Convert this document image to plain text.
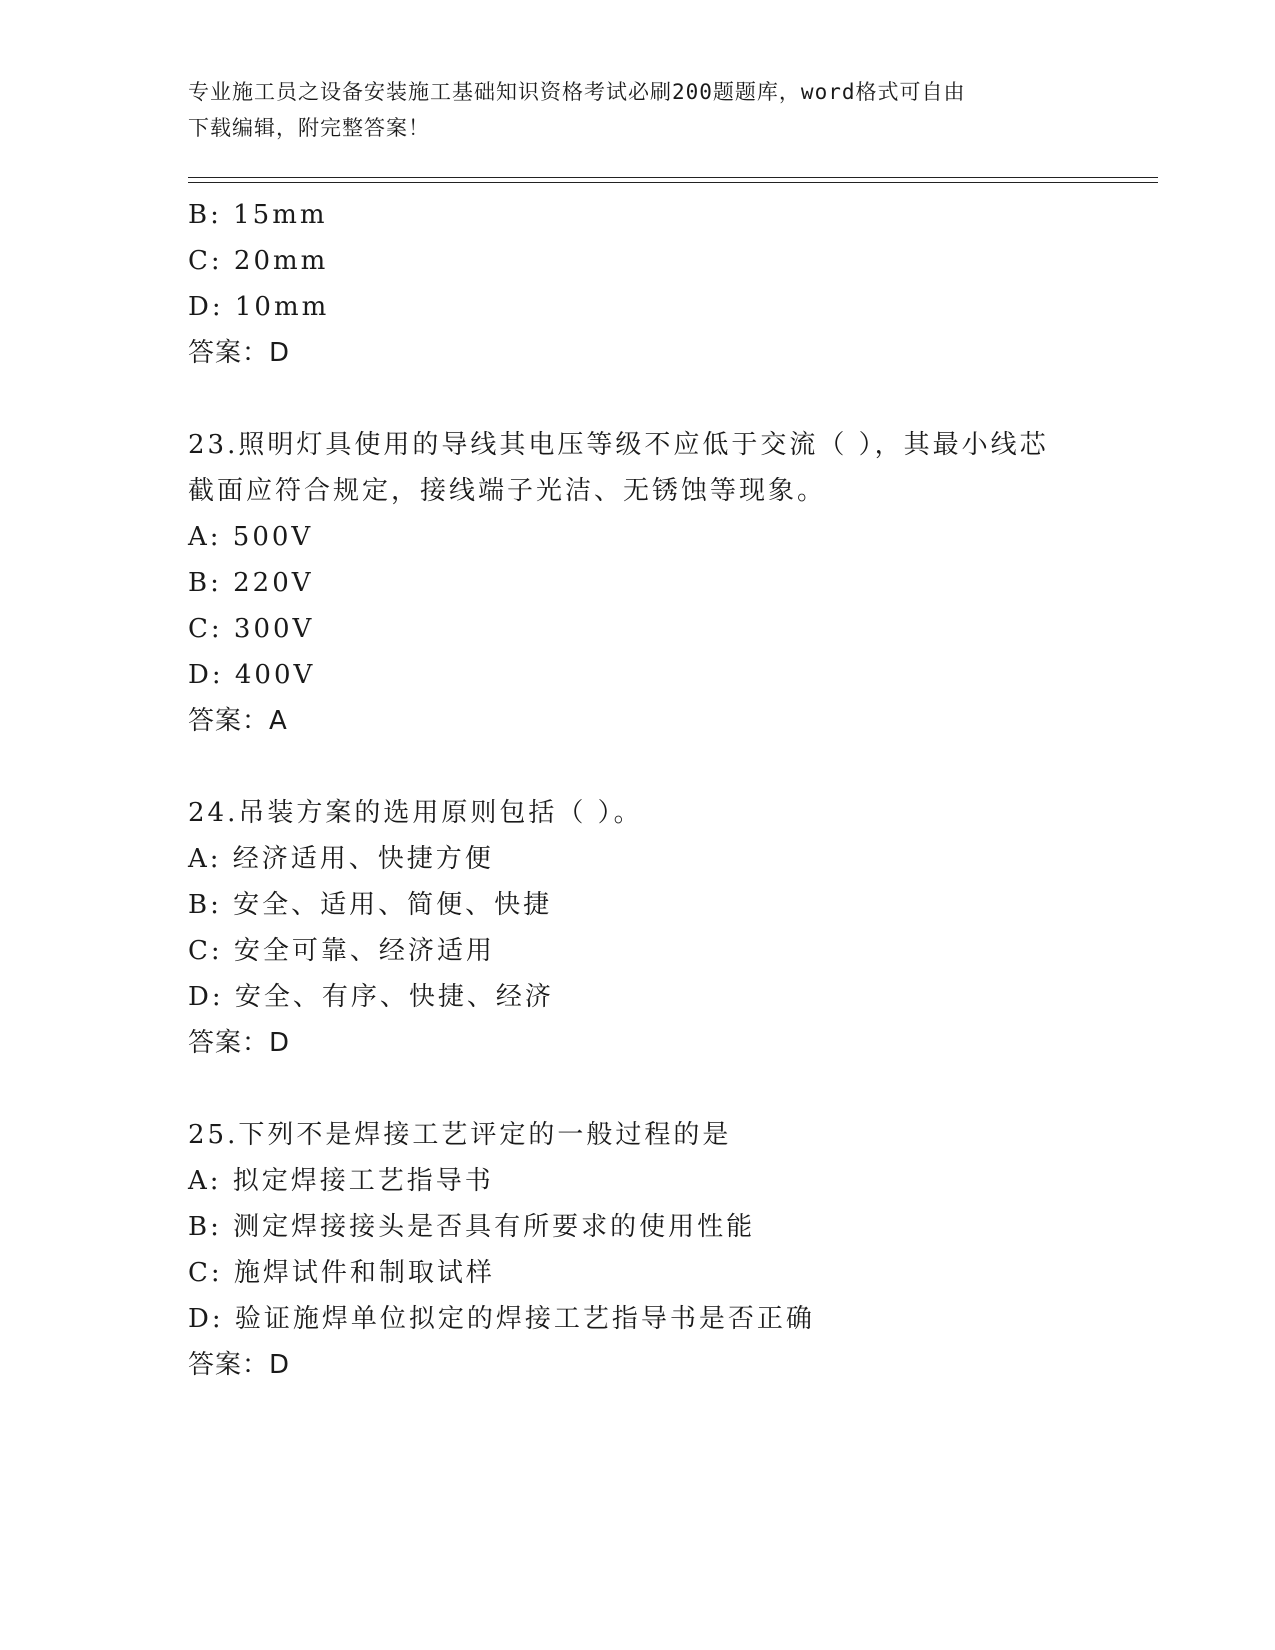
专业施工员之设备安装施工基础知识资格考试必刷200题题库，word格式可自由
下载编辑，附完整答案！
B: 15mm
C: 20mm
D: 10mm
答案：D
23.照明灯具使用的导线其电压等级不应低于交流（ ），其最小线芯
截面应符合规定，接线端子光洁、无锈蚀等现象。
A: 500V
B: 220V
C: 300V
D: 400V
答案：A
24.吊装方案的选用原则包括（ ）。
A: 经济适用、快捷方便
B: 安全、适用、简便、快捷
C: 安全可靠、经济适用
D: 安全、有序、快捷、经济
答案：D
25.下列不是焊接工艺评定的一般过程的是
A: 拟定焊接工艺指导书
B: 测定焊接接头是否具有所要求的使用性能
C: 施焊试件和制取试样
D: 验证施焊单位拟定的焊接工艺指导书是否正确
答案：D
